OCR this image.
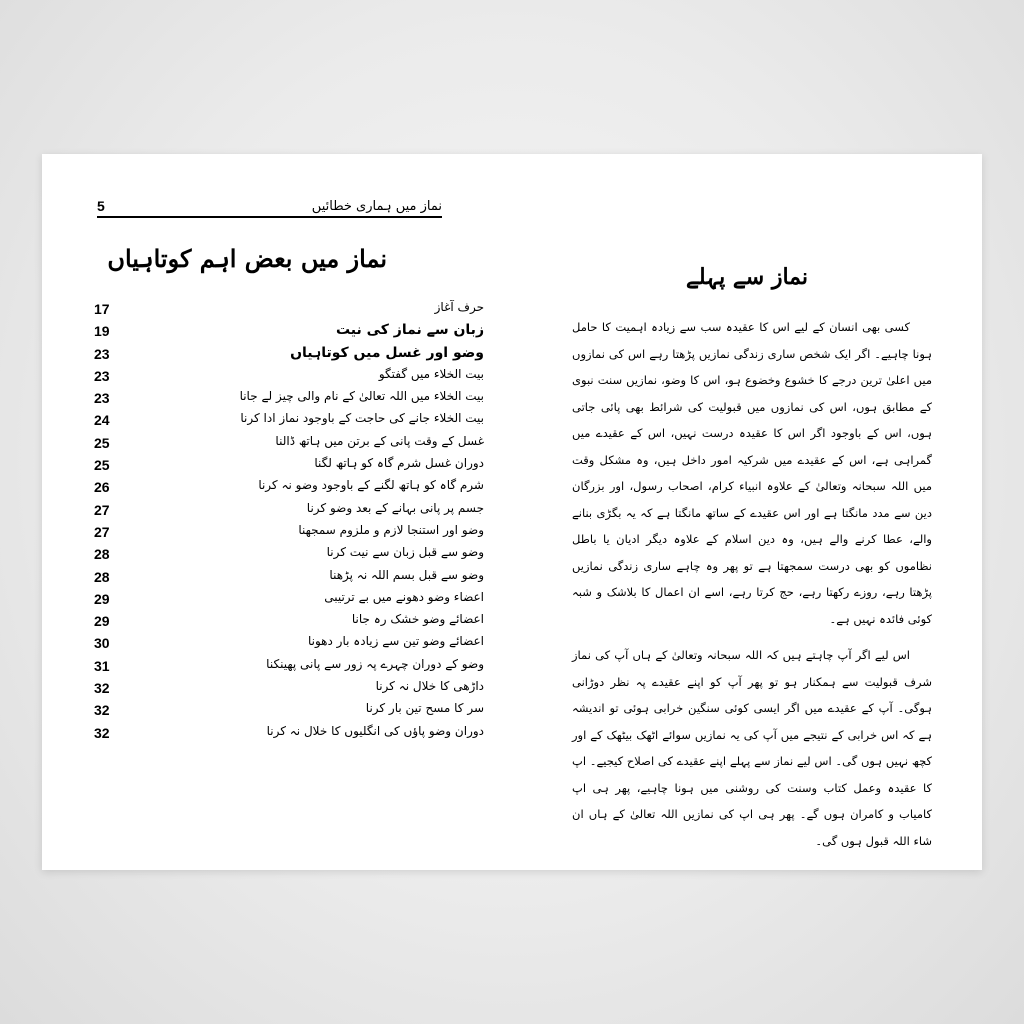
5	نماز میں ہماری خطائیں
نماز میں بعض اہم کوتاہیاں
17	حرف آغاز
19	زبان سے نماز کی نیت
23	وضو اور غسل میں کوتاہیاں
23	بیت الخلاء میں گفتگو
23	بیت الخلاء میں اللہ تعالیٰ کے نام والی چیز لے جانا
24	بیت الخلاء جانے کی حاجت کے باوجود نماز ادا کرنا
25	غسل کے وقت پانی کے برتن میں ہاتھ ڈالنا
25	دوران غسل شرم گاہ کو ہاتھ لگنا
26	شرم گاہ کو ہاتھ لگنے کے باوجود وضو نہ کرنا
27	جسم پر پانی بہانے کے بعد وضو کرنا
27	وضو اور استنجا لازم و ملزوم سمجھنا
28	وضو سے قبل زبان سے نیت کرنا
28	وضو سے قبل بسم اللہ نہ پڑھنا
29	اعضاء وضو دھونے میں بے ترتیبی
29	اعضائے وضو خشک رہ جانا
30	اعضائے وضو تین سے زیادہ بار دھونا
31	وضو کے دوران چہرے پہ زور سے پانی پھینکنا
32	داڑھی کا خلال نہ کرنا
32	سر کا مسح تین بار کرنا
32	دوران وضو پاؤں کی انگلیوں کا خلال نہ کرنا
نماز سے پہلے

کسی بھی انسان کے لیے اس کا عقیدہ سب سے زیادہ اہمیت کا حامل ہونا چاہیے۔ اگر ایک شخص ساری زندگی نمازیں پڑھتا رہے اس کی نمازوں میں اعلیٰ ترین درجے کا خشوع وخضوع ہو، اس کا وضو، نمازیں سنت نبوی کے مطابق ہوں، اس کی نمازوں میں قبولیت کی شرائط بھی پائی جاتی ہوں، اس کے باوجود اگر اس کا عقیدہ درست نہیں، اس کے عقیدے میں گمراہی ہے، اس کے عقیدے میں شرکیہ امور داخل ہیں، وہ مشکل وقت میں اللہ سبحانہ وتعالیٰ کے علاوہ انبیاء کرام، اصحاب رسول، اور بزرگان دین سے مدد مانگتا ہے اور اس عقیدے کے ساتھ مانگتا ہے کہ یہ بگڑی بنانے والے، عطا کرنے والے ہیں، وہ دین اسلام کے علاوہ دیگر ادیان یا باطل نظاموں کو بھی درست سمجھتا ہے تو پھر وہ چاہے ساری زندگی نمازیں پڑھتا رہے، روزے رکھتا رہے، حج کرتا رہے، اسے ان اعمال کا بلاشک و شبہ کوئی فائدہ نہیں ہے۔

اس لیے اگر آپ چاہتے ہیں کہ اللہ سبحانہ وتعالیٰ کے ہاں آپ کی نماز شرف قبولیت سے ہمکنار ہو تو پھر آپ کو اپنے عقیدے پہ نظر دوڑانی ہوگی۔ آپ کے عقیدے میں اگر ایسی کوئی سنگین خرابی ہوئی تو اندیشہ ہے کہ اس خرابی کے نتیجے میں آپ کی یہ نمازیں سوائے اٹھک بیٹھک کے اور کچھ نہیں ہوں گی۔ اس لیے نماز سے پہلے اپنے عقیدے کی اصلاح کیجیے۔ اپ کا عقیدہ وعمل کتاب وسنت کی روشنی میں ہونا چاہیے، پھر ہی اپ کامیاب و کامران ہوں گے۔ پھر ہی اپ کی نمازیں اللہ تعالیٰ کے ہاں ان شاء اللہ قبول ہوں گی۔
